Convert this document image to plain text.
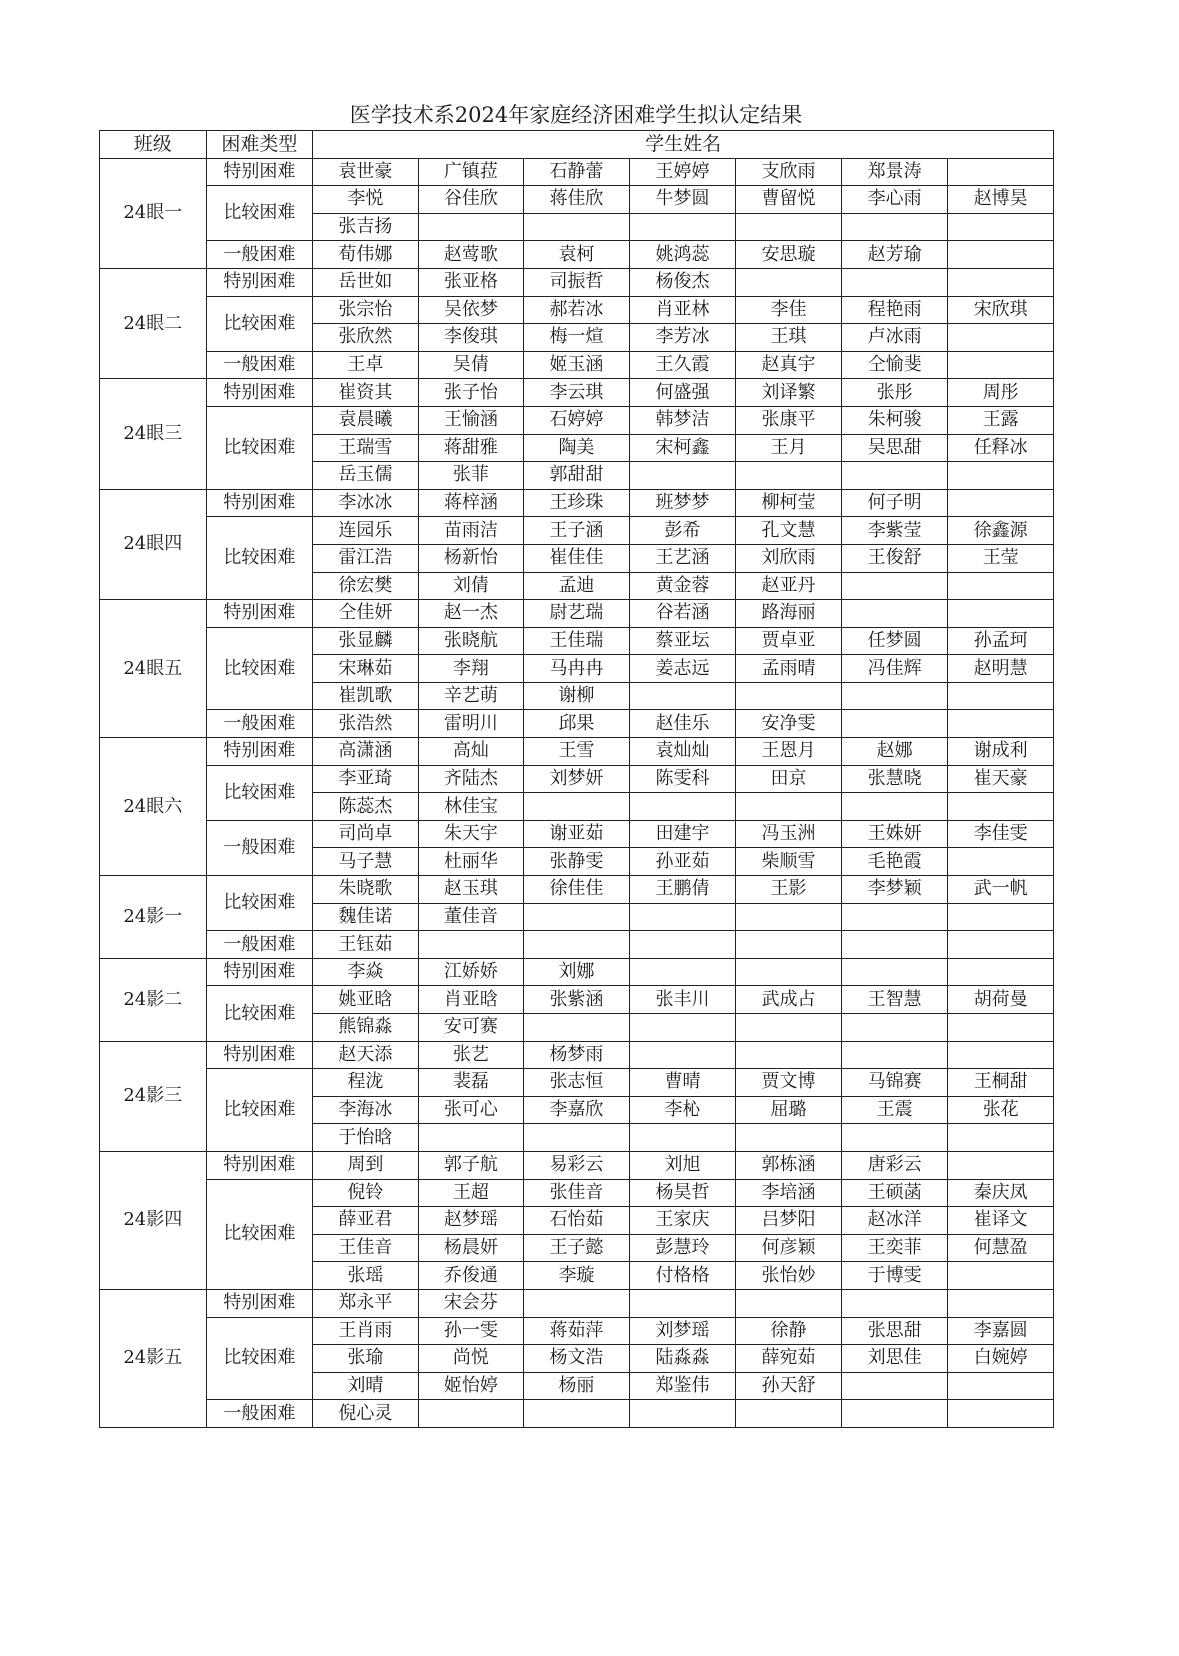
医学技术系2024年家庭经济困难学生拟认定结果
班级	困难类型	学生姓名						
24眼一	特别困难	袁世豪	广镇菈	石静蕾	王婷婷	支欣雨	郑景涛	
	比较困难	李悦	谷佳欣	蒋佳欣	牛梦圆	曹留悦	李心雨	赵博昊
		张吉扬						
	一般困难	荀伟娜	赵莺歌	袁柯	姚鸿蕊	安思璇	赵芳瑜	
24眼二	特别困难	岳世如	张亚格	司振哲	杨俊杰			
	比较困难	张宗怡	吴依梦	郝若冰	肖亚林	李佳	程艳雨	宋欣琪
		张欣然	李俊琪	梅一煊	李芳冰	王琪	卢冰雨	
	一般困难	王卓	吴倩	姬玉涵	王久霞	赵真宇	仝愉斐	
24眼三	特别困难	崔资其	张子怡	李云琪	何盛强	刘译繁	张彤	周彤
	比较困难	袁晨曦	王愉涵	石婷婷	韩梦洁	张康平	朱柯骏	王露
		王瑞雪	蒋甜雅	陶美	宋柯鑫	王月	吴思甜	任释冰
		岳玉儒	张菲	郭甜甜				
24眼四	特别困难	李冰冰	蒋梓涵	王珍珠	班梦梦	柳柯莹	何子明	
	比较困难	连园乐	苗雨洁	王子涵	彭希	孔文慧	李紫莹	徐鑫源
		雷江浩	杨新怡	崔佳佳	王艺涵	刘欣雨	王俊舒	王莹
		徐宏樊	刘倩	孟迪	黄金蓉	赵亚丹		
24眼五	特别困难	仝佳妍	赵一杰	尉艺瑞	谷若涵	路海丽		
	比较困难	张显麟	张晓航	王佳瑞	蔡亚坛	贾卓亚	任梦圆	孙孟珂
		宋琳茹	李翔	马冉冉	姜志远	孟雨晴	冯佳辉	赵明慧
		崔凯歌	辛艺萌	谢柳				
	一般困难	张浩然	雷明川	邱果	赵佳乐	安净雯		
24眼六	特别困难	高潇涵	高灿	王雪	袁灿灿	王恩月	赵娜	谢成利
	比较困难	李亚琦	齐陆杰	刘梦妍	陈雯科	田京	张慧晓	崔天豪
		陈蕊杰	林佳宝					
	一般困难	司尚卓	朱天宇	谢亚茹	田建宇	冯玉洲	王姝妍	李佳雯
		马子慧	杜丽华	张静雯	孙亚茹	柴顺雪	毛艳霞	
24影一	比较困难	朱晓歌	赵玉琪	徐佳佳	王鹏倩	王影	李梦颖	武一帆
		魏佳诺	董佳音					
	一般困难	王钰茹						
24影二	特别困难	李焱	江娇娇	刘娜				
	比较困难	姚亚晗	肖亚晗	张紫涵	张丰川	武成占	王智慧	胡荷曼
		熊锦淼	安可赛					
24影三	特别困难	赵天添	张艺	杨梦雨				
	比较困难	程泷	裴磊	张志恒	曹晴	贾文博	马锦赛	王桐甜
		李海冰	张可心	李嘉欣	李杺	屈璐	王震	张花
		于怡晗						
24影四	特别困难	周到	郭子航	易彩云	刘旭	郭栋涵	唐彩云	
	比较困难	倪铃	王超	张佳音	杨昊哲	李培涵	王硕菡	秦庆凤
		薛亚君	赵梦瑶	石怡茹	王家庆	吕梦阳	赵冰洋	崔译文
		王佳音	杨晨妍	王子懿	彭慧玲	何彦颖	王奕菲	何慧盈
		张瑶	乔俊通	李璇	付格格	张怡妙	于博雯	
24影五	特别困难	郑永平	宋会芬					
	比较困难	王肖雨	孙一雯	蒋茹萍	刘梦瑶	徐静	张思甜	李嘉圆
		张瑜	尚悦	杨文浩	陆淼淼	薛宛茹	刘思佳	白婉婷
		刘晴	姬怡婷	杨丽	郑鉴伟	孙天舒		
	一般困难	倪心灵						
